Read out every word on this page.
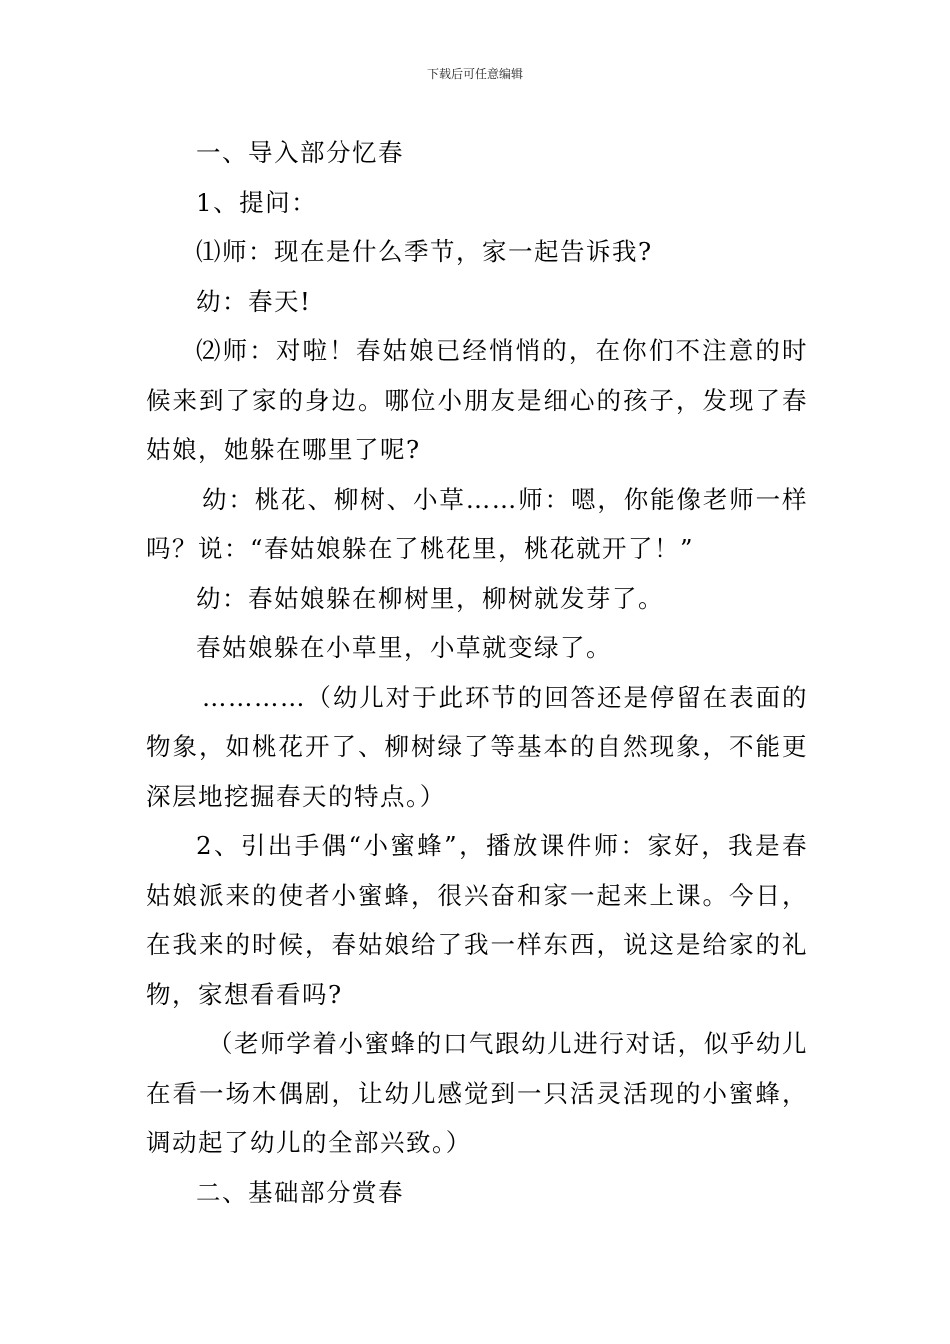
下载后可任意编辑

一、导入部分忆春

1、提问：

⑴师：现在是什么季节，家一起告诉我?

幼：春天!

⑵师：对啦！春姑娘已经悄悄的，在你们不注意的时候来到了家的身边。哪位小朋友是细心的孩子，发现了春姑娘，她躲在哪里了呢?

幼：桃花、柳树、小草……师：嗯，你能像老师一样吗？说：“春姑娘躲在了桃花里，桃花就开了！”

幼：春姑娘躲在柳树里，柳树就发芽了。

春姑娘躲在小草里，小草就变绿了。

…………（幼儿对于此环节的回答还是停留在表面的物象，如桃花开了、柳树绿了等基本的自然现象，不能更深层地挖掘春天的特点。）

2、引出手偶“小蜜蜂”，播放课件师：家好，我是春姑娘派来的使者小蜜蜂，很兴奋和家一起来上课。今日，在我来的时候，春姑娘给了我一样东西，说这是给家的礼物，家想看看吗?

（老师学着小蜜蜂的口气跟幼儿进行对话，似乎幼儿在看一场木偶剧，让幼儿感觉到一只活灵活现的小蜜蜂，调动起了幼儿的全部兴致。）

二、基础部分赏春
